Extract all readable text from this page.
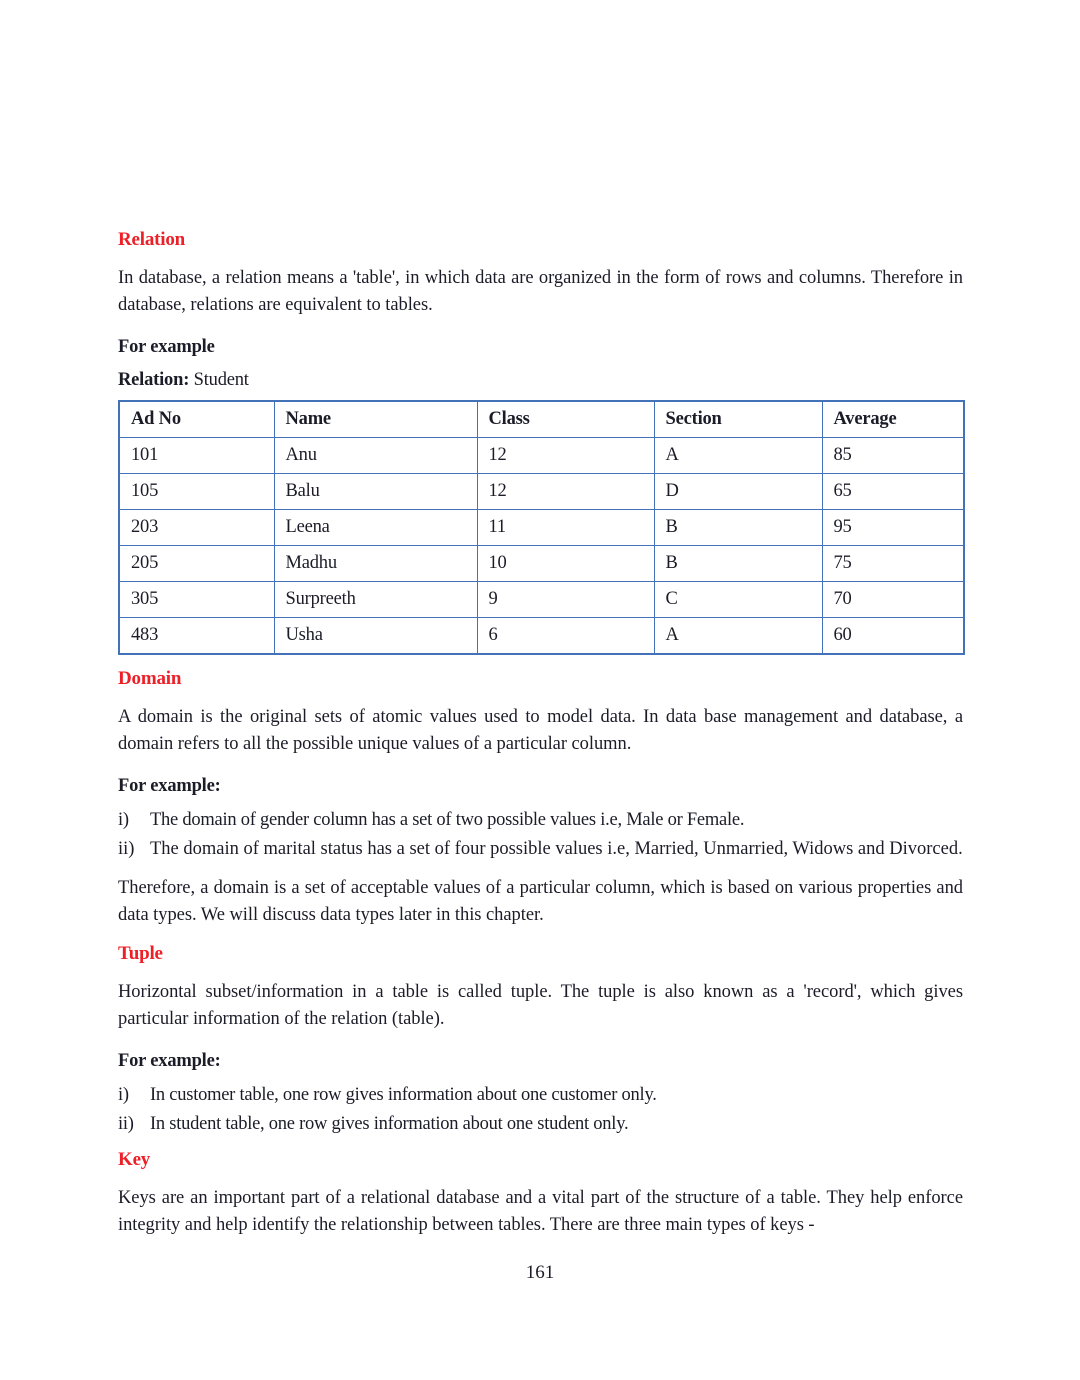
Relation

In database, a relation means a 'table', in which data are organized in the form of rows and columns. Therefore in database, relations are equivalent to tables.

For example

Relation: Student

Ad No	Name	Class	Section	Average
101	Anu	12	A	85
105	Balu	12	D	65
203	Leena	11	B	95
205	Madhu	10	B	75
305	Surpreeth	9	C	70
483	Usha	6	A	60
Domain

A domain is the original sets of atomic values used to model data. In data base management and database, a domain refers to all the possible unique values of a particular column.

For example:

i)	The domain of gender column has a set of two possible values i.e, Male or Female.
ii) The domain of marital status has a set of four possible values i.e, Married, Unmarried, Widows and Divorced.

Therefore, a domain is a set of acceptable values of a particular column, which is based on various properties and data types. We will discuss data types later in this chapter.

Tuple

Horizontal subset/information in a table is called tuple. The tuple is also known as a 'record', which gives particular information of the relation (table).

For example:

i)	In customer table, one row gives information about one customer only.
ii) In student table, one row gives information about one student only.
Key

Keys are an important part of a relational database and a vital part of the structure of a table. They help enforce integrity and help identify the relationship between tables. There are three main types of keys -

161
